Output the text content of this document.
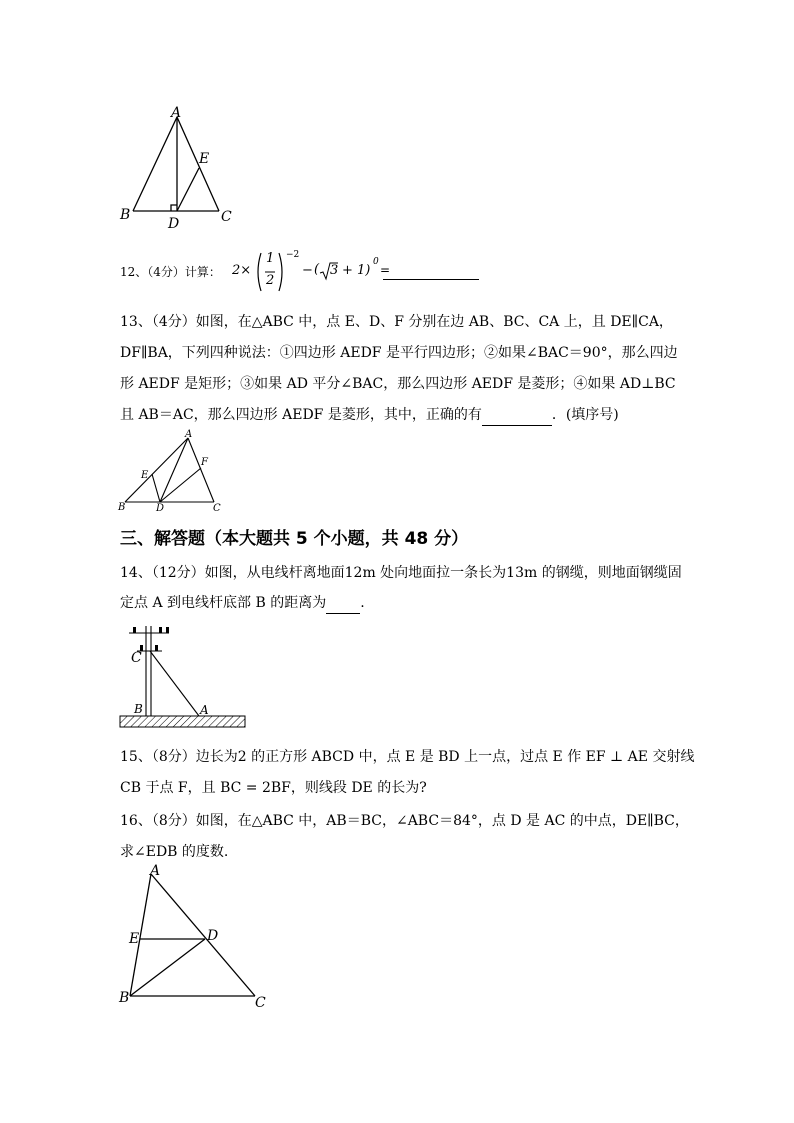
A
B	C
D
E
12、（4分）计算： 2×
1
2
−2
− ( 3 + 1)
0
=
13、（4分）如图，在△ABC 中，点 E、D、F 分别在边 AB、BC、CA 上，且 DE∥CA，
DF∥BA，下列四种说法：①四边形 AEDF 是平行四边形；②如果∠BAC＝90°，那么四边
形 AEDF 是矩形；③如果 AD 平分∠BAC，那么四边形 AEDF 是菱形；④如果 AD⊥BC
且 AB＝AC，那么四边形 AEDF 是菱形，其中，正确的有	．(填序号)
A
B	C
D
E
F
三、解答题（本大题共 5 个小题，共 48 分）
14、（12分）如图，从电线杆离地面12m 处向地面拉一条长为13m 的钢缆，则地面钢缆固
定点 A 到电线杆底部 B 的距离为 .
C
B	A
15、（8分）边长为2 的正方形 ABCD 中，点 E 是 BD 上一点，过点 E 作 EF ⊥ AE 交射线
CB 于点 F，且 BC = 2BF，则线段 DE 的长为?
16、（8分）如图，在△ABC 中，AB＝BC，∠ABC＝84°，点 D 是 AC 的中点，DE∥BC，
求∠EDB 的度数.
A
E	D
B	C
